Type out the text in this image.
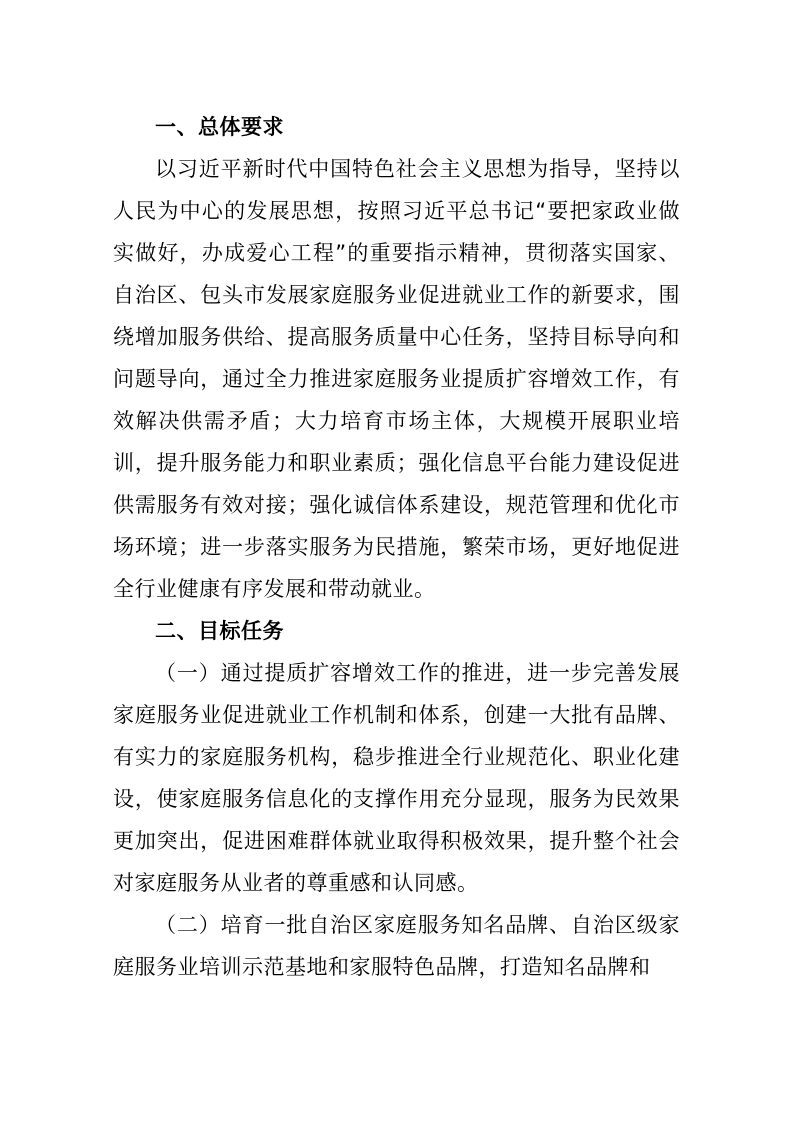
一、总体要求

以习近平新时代中国特色社会主义思想为指导，坚持以人民为中心的发展思想，按照习近平总书记“要把家政业做实做好，办成爱心工程”的重要指示精神，贯彻落实国家、自治区、包头市发展家庭服务业促进就业工作的新要求，围绕增加服务供给、提高服务质量中心任务，坚持目标导向和问题导向，通过全力推进家庭服务业提质扩容增效工作，有效解决供需矛盾；大力培育市场主体，大规模开展职业培训，提升服务能力和职业素质；强化信息平台能力建设促进供需服务有效对接；强化诚信体系建设，规范管理和优化市场环境；进一步落实服务为民措施，繁荣市场，更好地促进全行业健康有序发展和带动就业。

二、目标任务

（一）通过提质扩容增效工作的推进，进一步完善发展家庭服务业促进就业工作机制和体系，创建一大批有品牌、有实力的家庭服务机构，稳步推进全行业规范化、职业化建 设，使家庭服务信息化的支撑作用充分显现，服务为民效果 更加突出，促进困难群体就业取得积极效果，提升整个社会 对家庭服务从业者的尊重感和认同感。

（二）培育一批自治区家庭服务知名品牌、自治区级家庭服务业培训示范基地和家服特色品牌，打造知名品牌和
